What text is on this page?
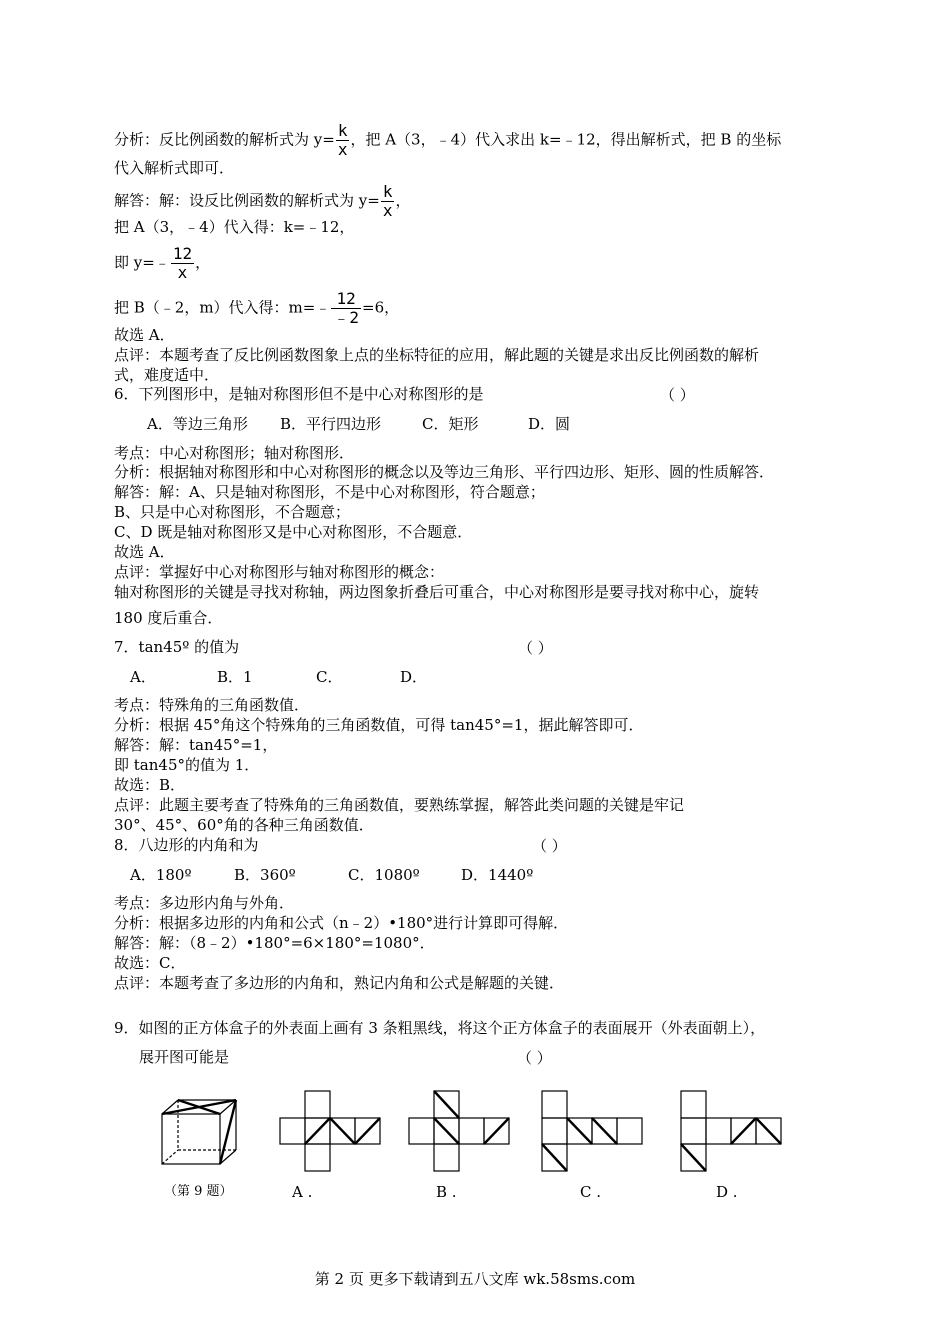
分析：反比例函数的解析式为 $y= \frac{k}{x}$ ，把 A（3，﹣4）代入求出 k=﹣12，得出解析式，把 B 的坐标
代入解析式即可．
解答：解：设反比例函数的解析式为 $y= \frac{k}{x}$ ，
把 A（3，﹣4）代入得：k=﹣12，
即 y=﹣ $\frac{12}{x}$ ，
把 B（﹣2，m）代入得：m=﹣ $\frac{12}{﹣2} =6$，
故选 A．
点评：本题考查了反比例函数图象上点的坐标特征的应用，解此题的关键是求出反比例函数的解析
式，难度适中．
6．下列图形中，是轴对称图形但不是中心对称图形的是	（ ）
A．等边三角形 B．平行四边形	C．矩形	D．圆
考点：中心对称图形；轴对称图形．
分析：根据轴对称图形和中心对称图形的概念以及等边三角形、平行四边形、矩形、圆的性质解答．
解答：解：A、只是轴对称图形，不是中心对称图形，符合题意；
B、只是中心对称图形，不合题意；
C、D 既是轴对称图形又是中心对称图形，不合题意．
故选 A．
点评：掌握好中心对称图形与轴对称图形的概念：
轴对称图形的关键是寻找对称轴，两边图象折叠后可重合，中心对称图形是要寻找对称中心，旋转
180 度后重合．
7．tan45º 的值为	（ ）
A．	B．1	C．	D．
考点：特殊角的三角函数值．
分析：根据 45°角这个特殊角的三角函数值，可得 tan45°=1，据此解答即可．
解答：解：tan45°=1，
即 tan45°的值为 1．
故选：B．
点评：此题主要考查了特殊角的三角函数值，要熟练掌握，解答此类问题的关键是牢记
30°、45°、60°角的各种三角函数值．
8．八边形的内角和为	（ ）
A．180º	B．360º	C．1080º	D．1440º
考点：多边形内角与外角．
分析：根据多边形的内角和公式（n﹣2）•180°进行计算即可得解．
解答：解：（8﹣2）•180°=6×180°=1080°．
故选：C．
点评：本题考查了多边形的内角和，熟记内角和公式是解题的关键．
9．如图的正方体盒子的外表面上画有 3 条粗黑线，将这个正方体盒子的表面展开（外表面朝上），
展开图可能是	（ ）
（第 9 题）	A .	B .	C .	D .
第 2 页 更多下载请到五八文库 wk.58sms.com
